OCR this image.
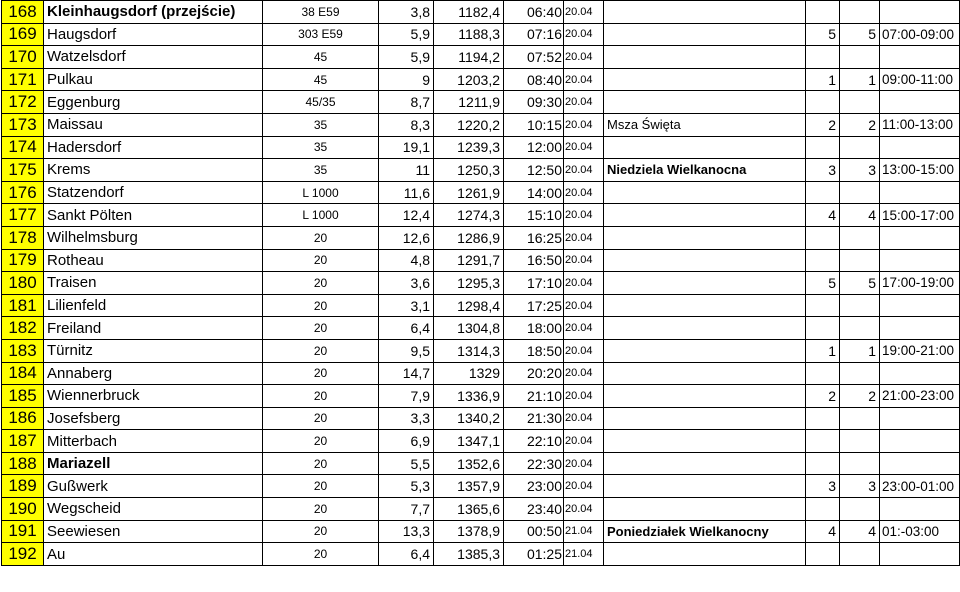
168	Kleinhaugsdorf (przejście)	38 E59	3,8	1182,4	06:40	20.04				
169	Haugsdorf	303 E59	5,9	1188,3	07:16	20.04		5	5	07:00-09:00
170	Watzelsdorf	45	5,9	1194,2	07:52	20.04				
171	Pulkau	45	9	1203,2	08:40	20.04		1	1	09:00-11:00
172	Eggenburg	45/35	8,7	1211,9	09:30	20.04				
173	Maissau	35	8,3	1220,2	10:15	20.04	Msza Święta	2	2	11:00-13:00
174	Hadersdorf	35	19,1	1239,3	12:00	20.04				
175	Krems	35	11	1250,3	12:50	20.04	Niedziela Wielkanocna	3	3	13:00-15:00
176	Statzendorf	L 1000	11,6	1261,9	14:00	20.04				
177	Sankt Pölten	L 1000	12,4	1274,3	15:10	20.04		4	4	15:00-17:00
178	Wilhelmsburg	20	12,6	1286,9	16:25	20.04				
179	Rotheau	20	4,8	1291,7	16:50	20.04				
180	Traisen	20	3,6	1295,3	17:10	20.04		5	5	17:00-19:00
181	Lilienfeld	20	3,1	1298,4	17:25	20.04				
182	Freiland	20	6,4	1304,8	18:00	20.04				
183	Türnitz	20	9,5	1314,3	18:50	20.04		1	1	19:00-21:00
184	Annaberg	20	14,7	1329	20:20	20.04				
185	Wiennerbruck	20	7,9	1336,9	21:10	20.04		2	2	21:00-23:00
186	Josefsberg	20	3,3	1340,2	21:30	20.04				
187	Mitterbach	20	6,9	1347,1	22:10	20.04				
188	Mariazell	20	5,5	1352,6	22:30	20.04				
189	Gußwerk	20	5,3	1357,9	23:00	20.04		3	3	23:00-01:00
190	Wegscheid	20	7,7	1365,6	23:40	20.04				
191	Seewiesen	20	13,3	1378,9	00:50	21.04	Poniedziałek Wielkanocny	4	4	01:-03:00
192	Au	20	6,4	1385,3	01:25	21.04				
